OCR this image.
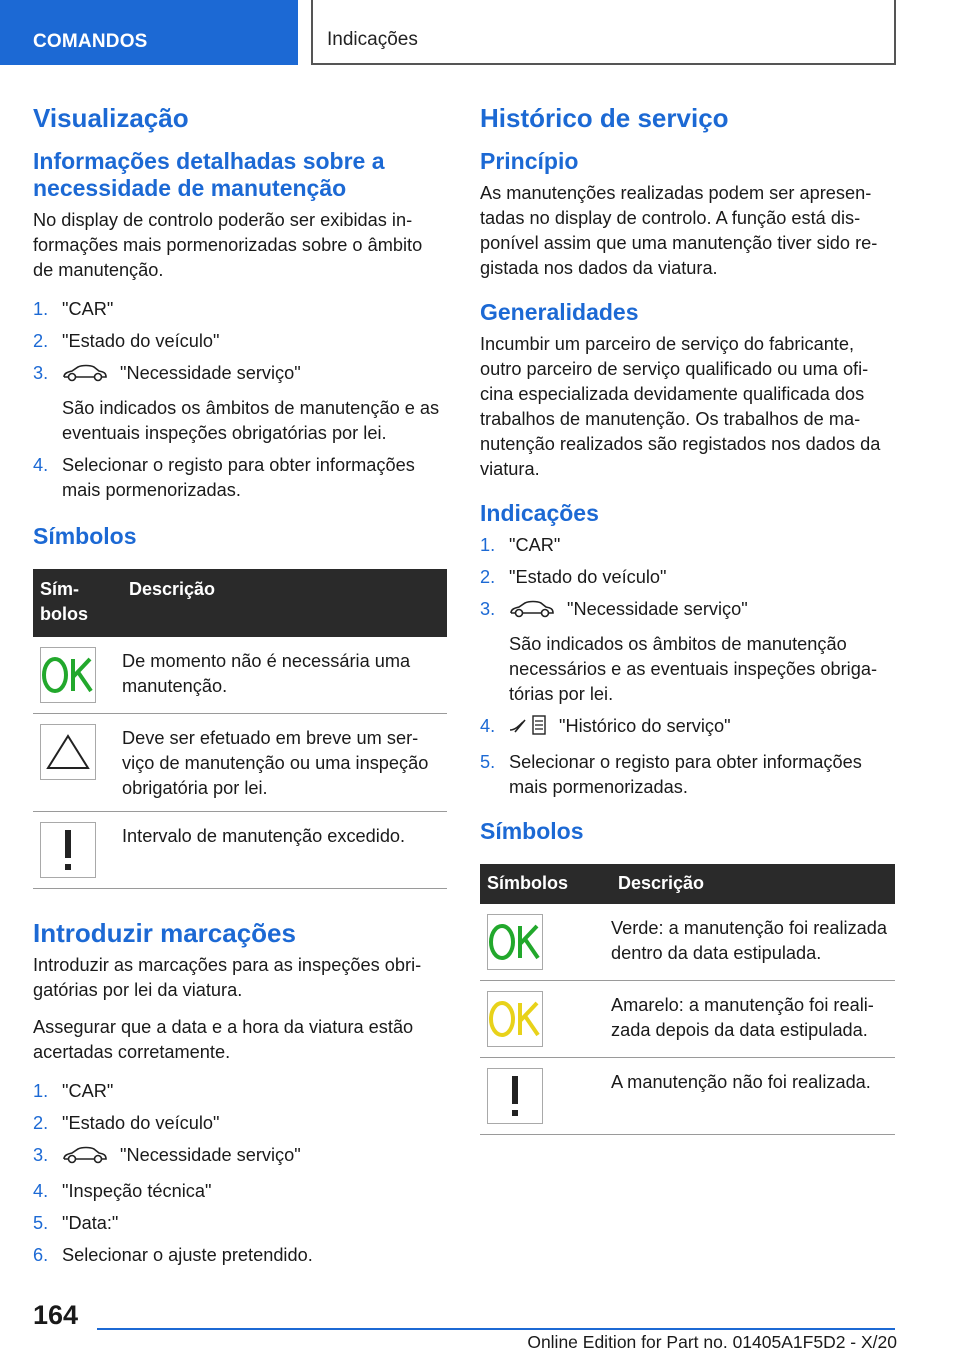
COMANDOS	Indicações
Visualização
Informações detalhadas sobre a necessidade de manutenção

No display de controlo poderão ser exibidas informações mais pormenorizadas sobre o âmbito de manutenção.

1. "CAR"
2. "Estado do veículo"
3.	"Necessidade serviço"
São indicados os âmbitos de manutenção e as eventuais inspeções obrigatórias por lei.
4. Selecionar o registo para obter informações mais pormenorizadas.
Símbolos
Símbolos	Descrição

	De momento não é necessária uma manutenção.

	Deve ser efetuado em breve um serviço de manutenção ou uma inspeção obrigatória por lei.

	Intervalo de manutenção excedido.
Introduzir marcações

Introduzir as marcações para as inspeções obrigatórias por lei da viatura.

Assegurar que a data e a hora da viatura estão acertadas corretamente.

1. "CAR"
2. "Estado do veículo"
3.	"Necessidade serviço"
4. "Inspeção técnica"
5. "Data:"
6. Selecionar o ajuste pretendido.
Histórico de serviço
Princípio

As manutenções realizadas podem ser apresentadas no display de controlo. A função está disponível assim que uma manutenção tiver sido registada nos dados da viatura.

Generalidades

Incumbir um parceiro de serviço do fabricante, outro parceiro de serviço qualificado ou uma oficina especializada devidamente qualificada dos trabalhos de manutenção. Os trabalhos de manutenção realizados são registados nos dados da viatura.

Indicações
1. "CAR"
2. "Estado do veículo"
3.	"Necessidade serviço"
São indicados os âmbitos de manutenção necessários e as eventuais inspeções obrigatórias por lei.
4.	"Histórico do serviço"
5. Selecionar o registo para obter informações mais pormenorizadas.
Símbolos
Símbolos	Descrição

	Verde: a manutenção foi realizada dentro da data estipulada.

	Amarelo: a manutenção foi realizada depois da data estipulada.

	A manutenção não foi realizada.
164
Online Edition for Part no. 01405A1F5D2 - X/20
